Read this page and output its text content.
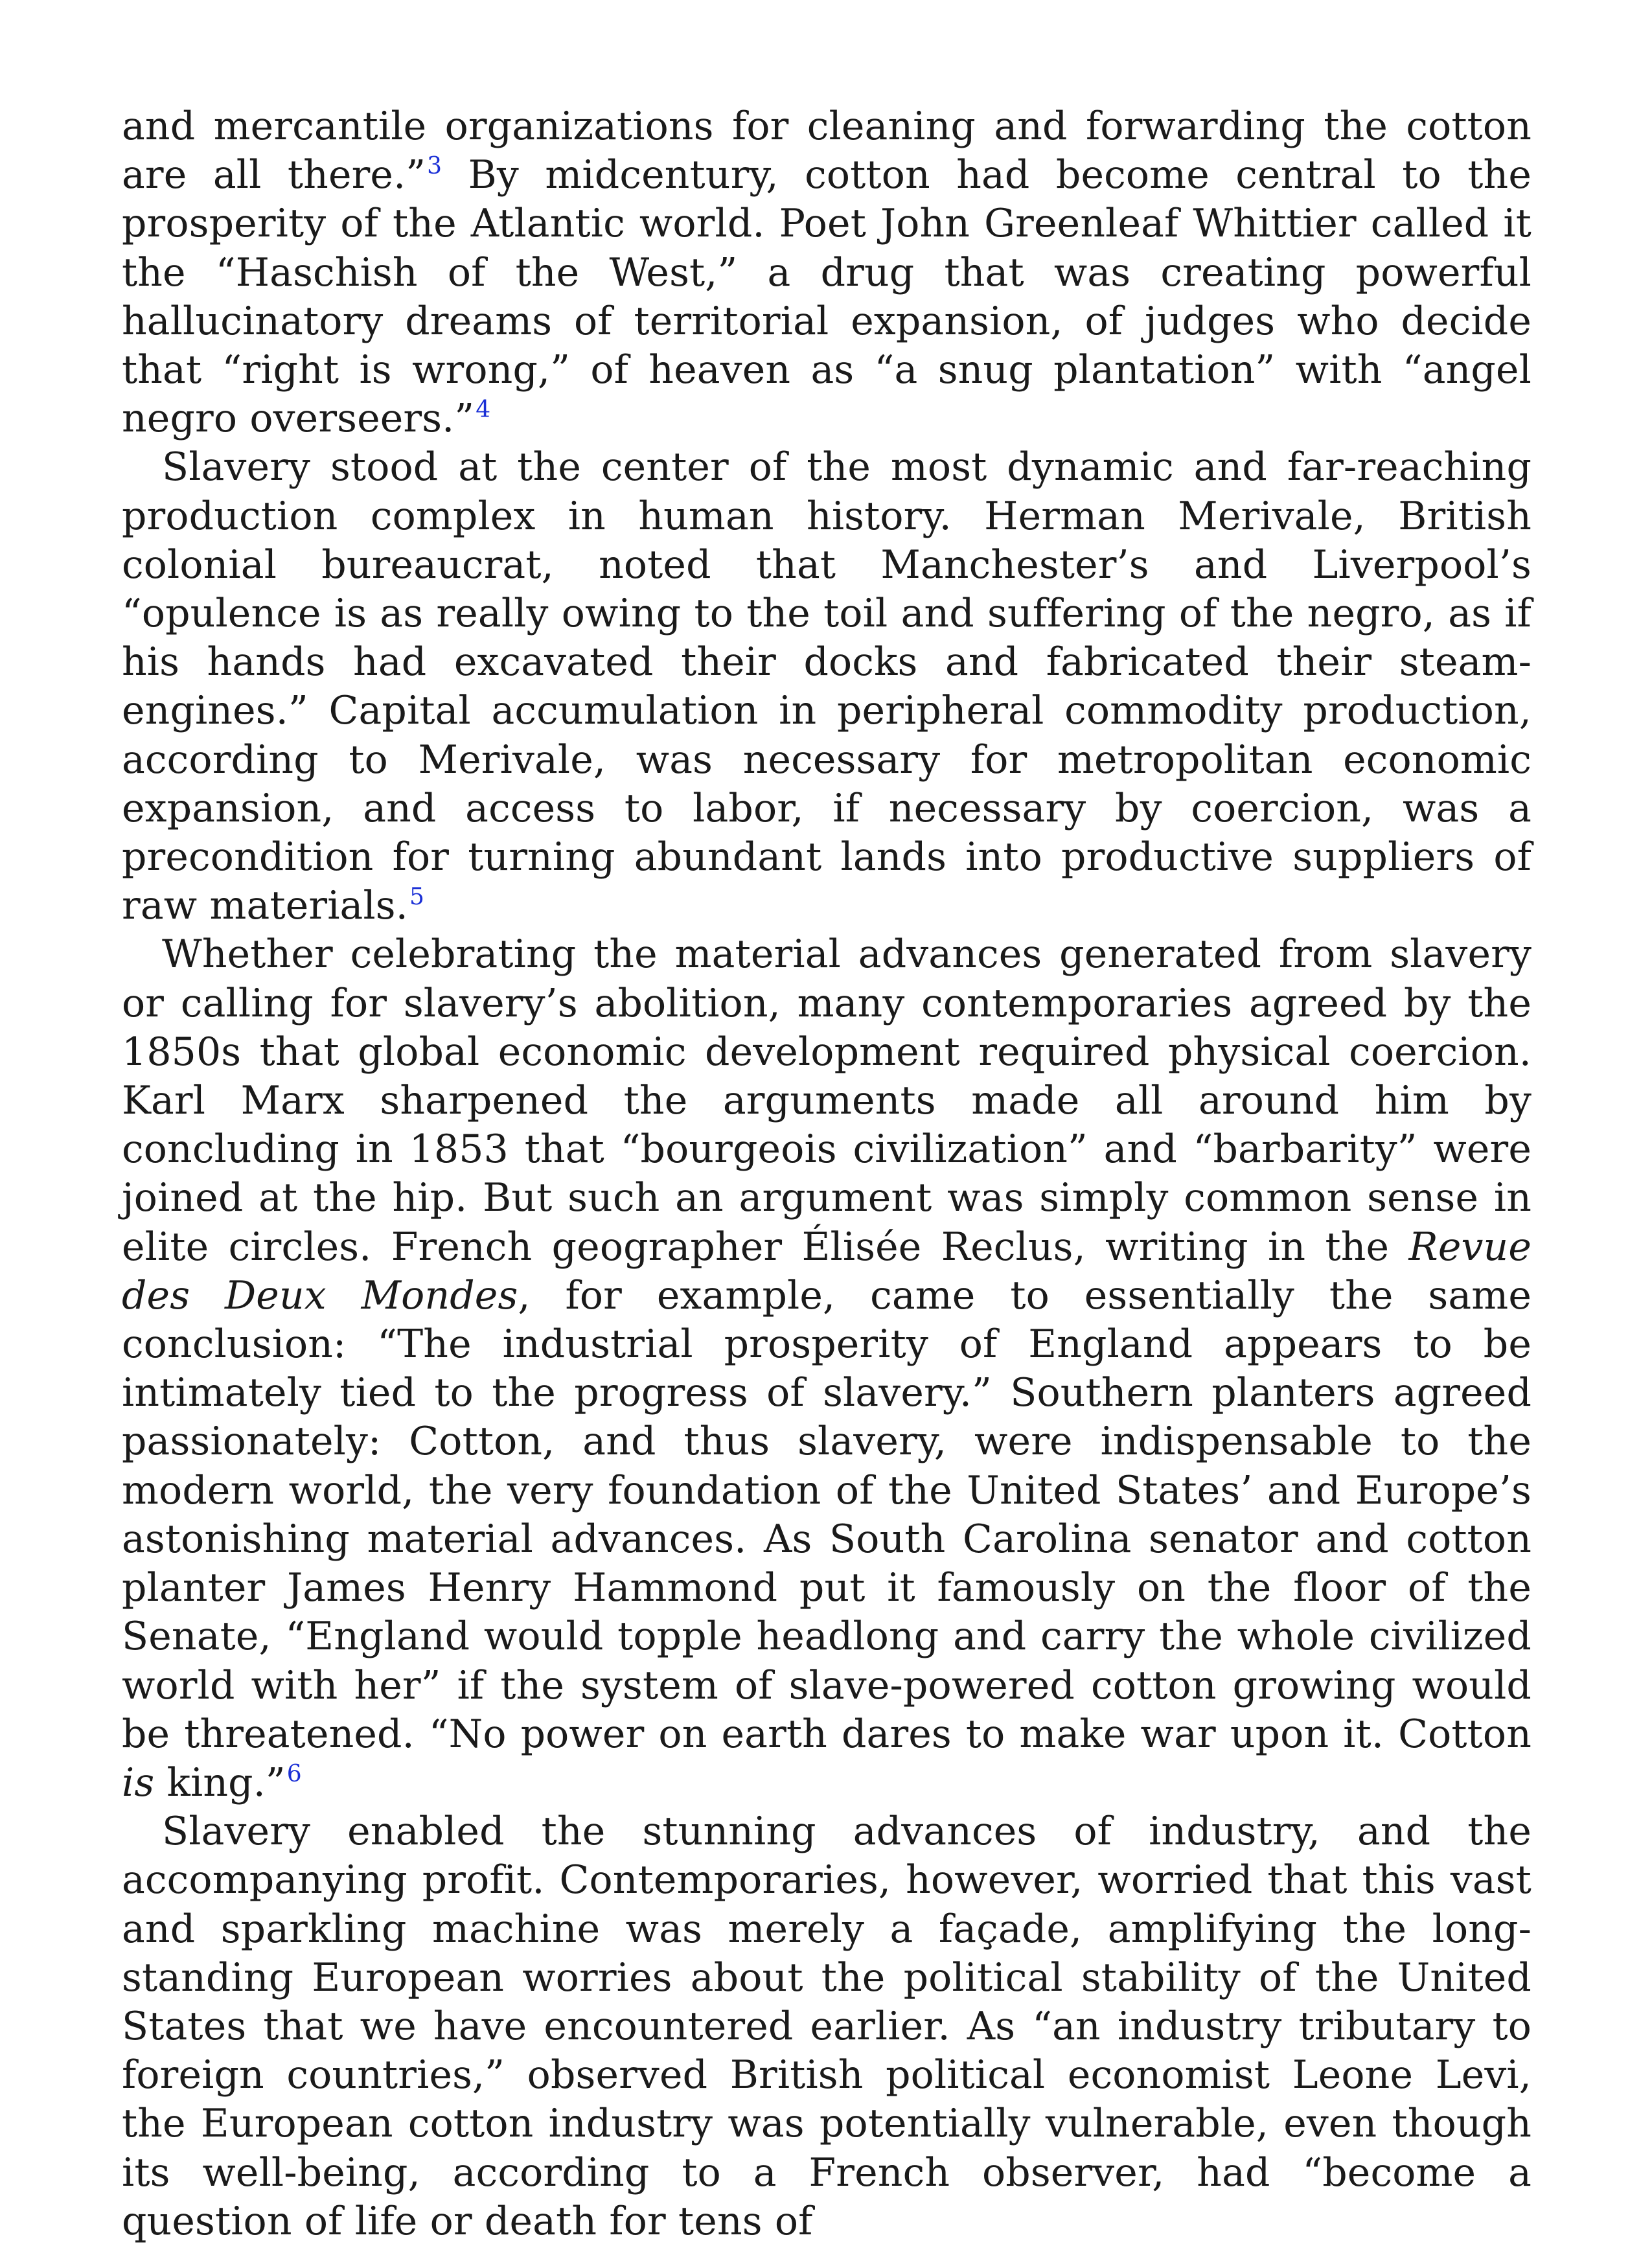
and mercantile organizations for cleaning and forwarding the cotton are all there.”$^3$ By midcentury, cotton had become central to the prosperity of the Atlantic world. Poet John Greenleaf Whittier called it the “Haschish of the West,” a drug that was creating powerful hallucinatory dreams of territorial expansion, of judges who decide that “right is wrong,” of heaven as “a snug plantation” with “angel negro overseers.”$^4$

Slavery stood at the center of the most dynamic and far-reaching production complex in human history. Herman Merivale, British colonial bureaucrat, noted that Manchester’s and Liverpool’s “opulence is as really owing to the toil and suffering of the negro, as if his hands had excavated their docks and fabricated their steam-engines.” Capital accumulation in peripheral commodity production, according to Merivale, was necessary for metropolitan economic expansion, and access to labor, if necessary by coercion, was a precondition for turning abundant lands into productive suppliers of raw materials.$^5$

Whether celebrating the material advances generated from slavery or calling for slavery’s abolition, many contemporaries agreed by the 1850s that global economic development required physical coercion. Karl Marx sharpened the arguments made all around him by concluding in 1853 that “bourgeois civilization” and “barbarity” were joined at the hip. But such an argument was simply common sense in elite circles. French geographer Élisée Reclus, writing in the Revue des Deux Mondes, for example, came to essentially the same conclusion: “The industrial prosperity of England appears to be intimately tied to the progress of slavery.” Southern planters agreed passionately: Cotton, and thus slavery, were indispensable to the modern world, the very foundation of the United States’ and Europe’s astonishing material advances. As South Carolina senator and cotton planter James Henry Hammond put it famously on the floor of the Senate, “England would topple headlong and carry the whole civilized world with her” if the system of slave-powered cotton growing would be threatened. “No power on earth dares to make war upon it. Cotton is king.”$^6$

Slavery enabled the stunning advances of industry, and the accompanying profit. Contemporaries, however, worried that this vast and sparkling machine was merely a façade, amplifying the long-standing European worries about the political stability of the United States that we have encountered earlier. As “an industry tributary to foreign countries,” observed British political economist Leone Levi, the European cotton industry was potentially vulnerable, even though its well-being, according to a French observer, had “become a question of life or death for tens of
